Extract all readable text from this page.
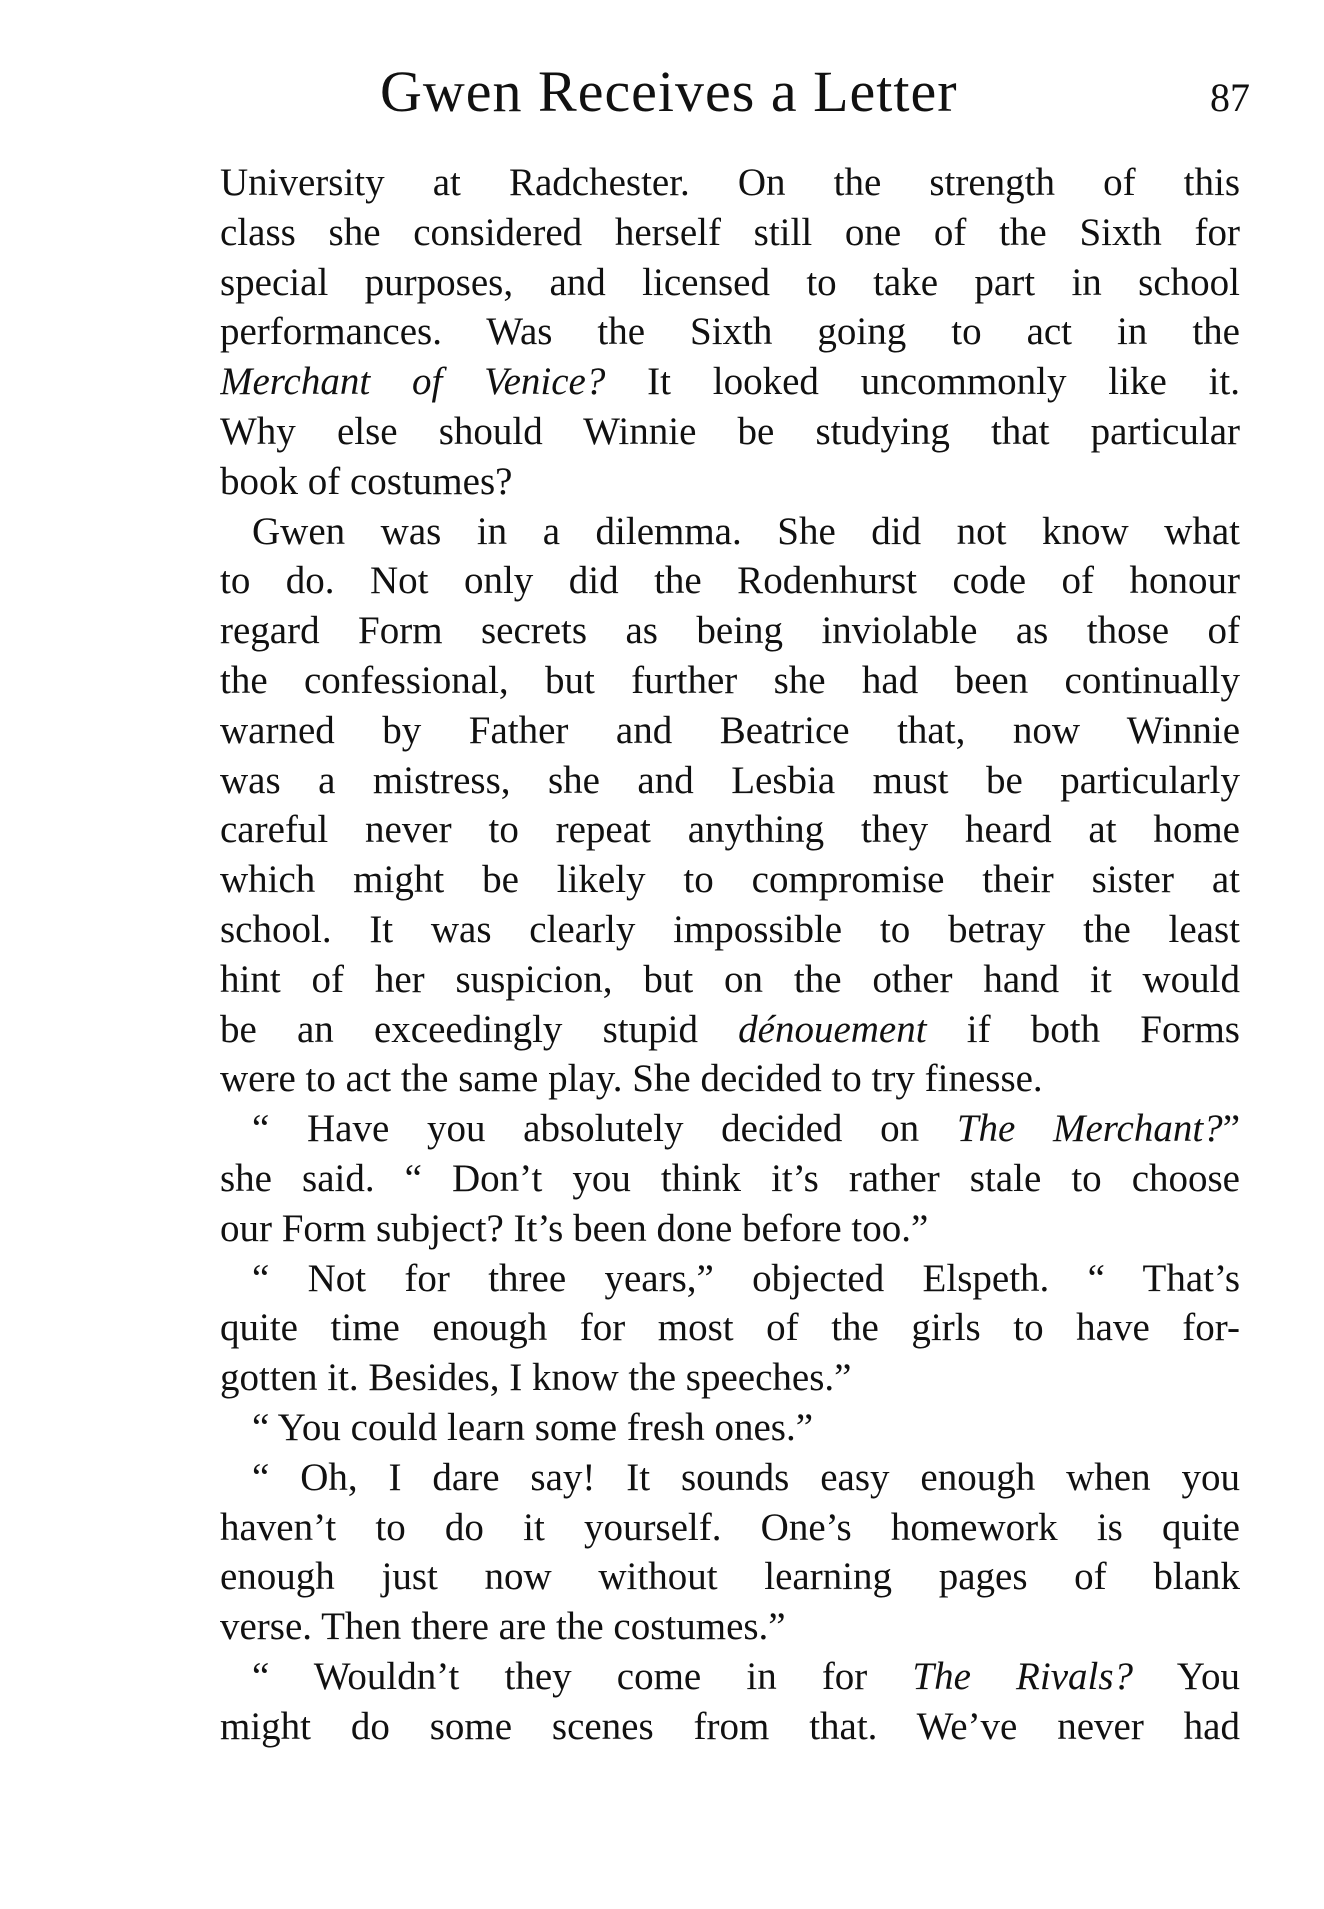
Gwen Receives a Letter	87
University at Radchester. On the strength of this
class she considered herself still one of the Sixth for
special purposes, and licensed to take part in school
performances. Was the Sixth going to act in the
Merchant of Venice? It looked uncommonly like it.
Why else should Winnie be studying that particular
book of costumes?
Gwen was in a dilemma. She did not know what
to do. Not only did the Rodenhurst code of honour
regard Form secrets as being inviolable as those of
the confessional, but further she had been continually
warned by Father and Beatrice that, now Winnie
was a mistress, she and Lesbia must be particularly
careful never to repeat anything they heard at home
which might be likely to compromise their sister at
school. It was clearly impossible to betray the least
hint of her suspicion, but on the other hand it would
be an exceedingly stupid dénouement if both Forms
were to act the same play. She decided to try finesse.
“ Have you absolutely decided on The Merchant?”
she said. “ Don’t you think it’s rather stale to choose
our Form subject? It’s been done before too.”
“ Not for three years,” objected Elspeth. “ That’s
quite time enough for most of the girls to have for-
gotten it. Besides, I know the speeches.”
“ You could learn some fresh ones.”
“ Oh, I dare say! It sounds easy enough when you
haven’t to do it yourself. One’s homework is quite
enough just now without learning pages of blank
verse. Then there are the costumes.”
“ Wouldn’t they come in for The Rivals? You
might do some scenes from that. We’ve never had
